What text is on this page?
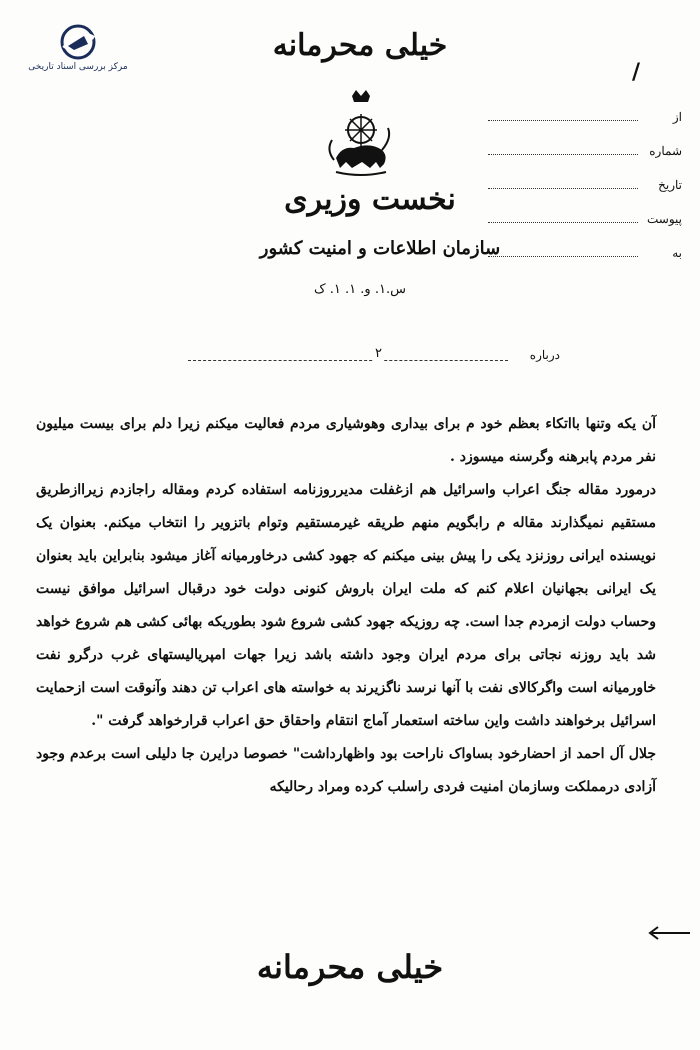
مرکز بررسی اسناد تاریخی	/
خیلی محرمانه
نخست وزیری
سازمان اطلاعات و امنیت کشور
س.۱. و. ۱. ۱. ک
از
شماره
تاریخ
پیوست
به
درباره
۲

آن یکه وتنها بااتکاء بعظم خود م برای بیداری وهوشیاری مردم فعالیت میکنم زیرا دلم برای بیست میلیون نفر مردم پابرهنه وگرسنه میسوزد .

درمورد مقاله جنگ اعراب واسرائیل هم ازغفلت مدیرروزنامه استفاده کردم ومقاله راجازدم زیراازطریق مستقیم نمیگذارند مقاله م رابگویم منهم طریقه غیرمستقیم وتوام باتزویر را انتخاب میکنم. بعنوان یک نویسنده ایرانی روزنزد یکی را پیش بینی میکنم که جهود کشی درخاورمیانه آغاز میشود بنابراین باید بعنوان یک ایرانی بجهانیان اعلام کنم که ملت ایران باروش کنونی دولت خود درقبال اسرائیل موافق نیست وحساب دولت ازمردم جدا است. چه روزیکه جهود کشی شروع شود بطوریکه بهائی کشی هم شروع خواهد شد باید روزنه نجاتی برای مردم ایران وجود داشته باشد زیرا جهات امپریالیستهای غرب درگرو نفت خاورمیانه است واگرکالای نفت با آنها نرسد ناگزیرند به خواسته های اعراب تن دهند وآنوقت است ازحمایت اسرائیل برخواهند داشت واین ساخته استعمار آماج انتقام واحقاق حق اعراب قرارخواهد گرفت ".

جلال آل احمد از احضارخود بساواک ناراحت بود واظهارداشت" خصوصا درایرن جا دلیلی است برعدم وجود آزادی درمملکت وسازمان امنیت فردی راسلب کرده ومراد رحالیکه

خیلی محرمانه
